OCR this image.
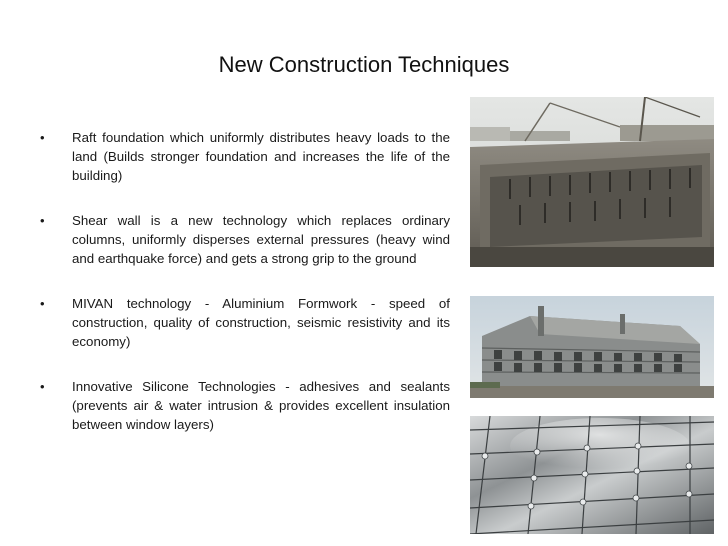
New Construction Techniques
• Raft foundation which uniformly distributes heavy loads to the land (Builds stronger foundation and increases the life of the building)
• Shear wall is a new technology which replaces ordinary columns, uniformly disperses external pressures (heavy wind and earthquake force) and gets a strong grip to the ground
• MIVAN technology - Aluminium Formwork - speed of construction, quality of construction, seismic resistivity and its economy)
• Innovative Silicone Technologies - adhesives and sealants (prevents air & water intrusion & provides excellent insulation between window layers)
